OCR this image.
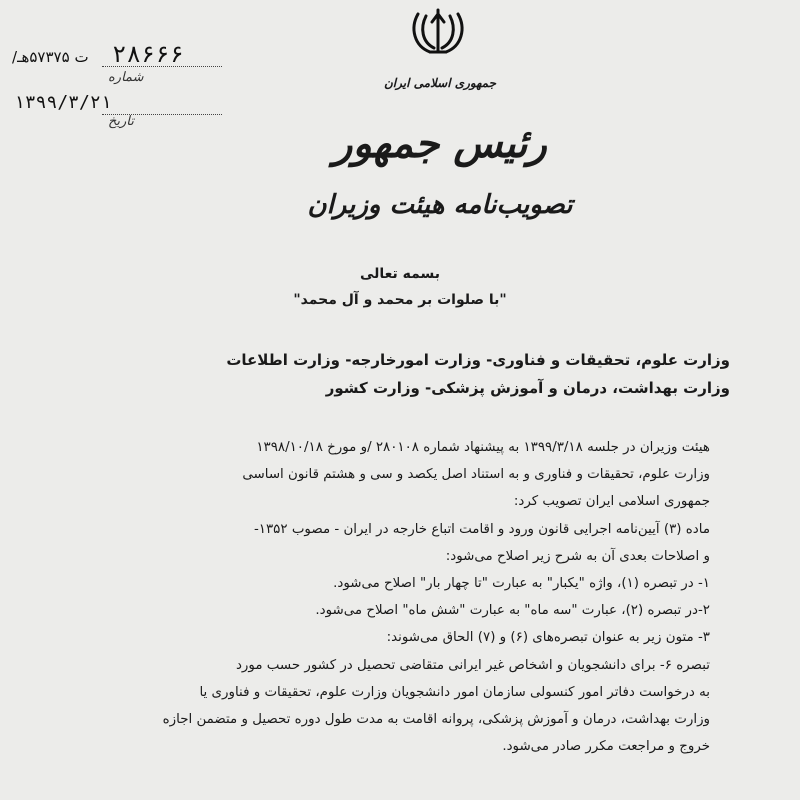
/ت ۵۷۳۷۵هـ ۲۸۶۶۶
شماره
۱۳۹۹/۳/۲۱
تاریخ
جمهوری اسلامی ایران
رئیس جمهور
تصویب‌نامه هیئت وزیران
بسمه تعالی
"با صلوات بر محمد و آل محمد"
وزارت علوم، تحقیقات و فناوری- وزارت امورخارجه- وزارت اطلاعات
وزارت بهداشت، درمان و آموزش پزشکی- وزارت کشور
هیئت وزیران در جلسه ۱۳۹۹/۳/۱۸ به پیشنهاد شماره ۲۸۰۱۰۸ /و مورخ ۱۳۹۸/۱۰/۱۸
وزارت علوم، تحقیقات و فناوری و به استناد اصل یکصد و سی و هشتم قانون اساسی
جمهوری اسلامی ایران تصویب کرد:
ماده (۳) آیین‌نامه اجرایی قانون ورود و اقامت اتباع خارجه در ایران - مصوب ۱۳۵۲-
و اصلاحات بعدی آن به شرح زیر اصلاح می‌شود:
۱- در تبصره (۱)، واژه "یکبار" به عبارت "تا چهار بار" اصلاح می‌شود.
۲-در تبصره (۲)، عبارت "سه ماه" به عبارت "شش ماه" اصلاح می‌شود.
۳- متون زیر به عنوان تبصره‌های (۶) و (۷) الحاق می‌شوند:
تبصره ۶- برای دانشجویان و اشخاص غیر ایرانی متقاضی تحصیل در کشور حسب مورد
به درخواست دفاتر امور کنسولی سازمان امور دانشجویان وزارت علوم، تحقیقات و فناوری یا
وزارت بهداشت، درمان و آموزش پزشکی، پروانه اقامت به مدت طول دوره تحصیل و متضمن اجازه
خروج و مراجعت مکرر صادر می‌شود.
